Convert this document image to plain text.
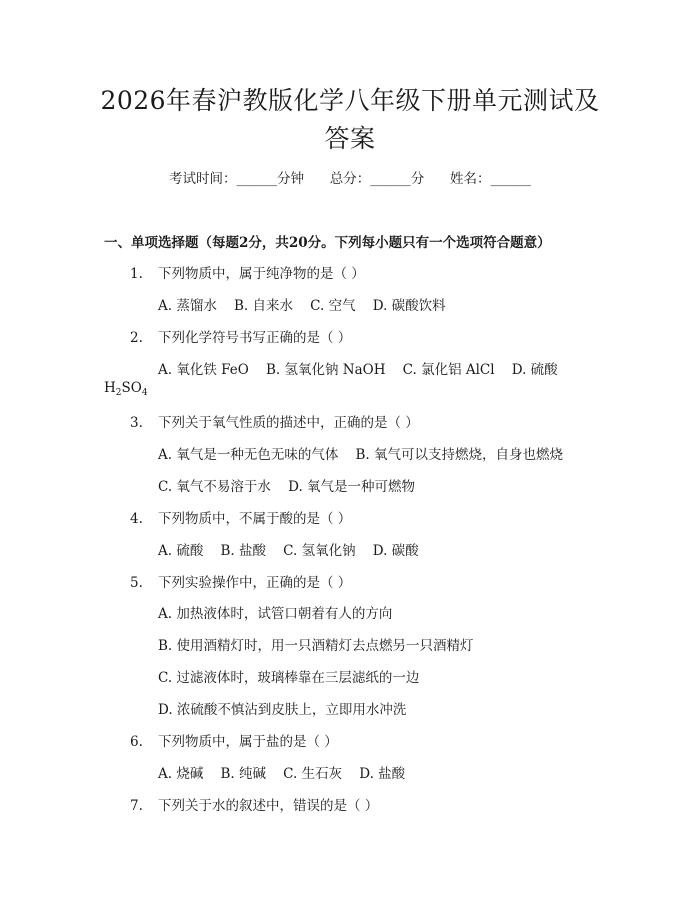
2026年春沪教版化学八年级下册单元测试及
答案
考试时间：______分钟      总分：______分      姓名：______
一、单项选择题（每题2分，共20分。下列每小题只有一个选项符合题意）
1. 下列物质中，属于纯净物的是（ ）
A. 蒸馏水    B. 自来水    C. 空气    D. 碳酸饮料
2. 下列化学符号书写正确的是（ ）
A. 氧化铁 FeO    B. 氢氧化钠 NaOH    C. 氯化铝 AlCl    D. 硫酸
$H_2SO_4$
3. 下列关于氧气性质的描述中，正确的是（ ）
A. 氧气是一种无色无味的气体    B. 氧气可以支持燃烧，自身也燃烧
C. 氧气不易溶于水    D. 氧气是一种可燃物
4. 下列物质中，不属于酸的是（ ）
A. 硫酸    B. 盐酸    C. 氢氧化钠    D. 碳酸
5. 下列实验操作中，正确的是（ ）
A. 加热液体时，试管口朝着有人的方向
B. 使用酒精灯时，用一只酒精灯去点燃另一只酒精灯
C. 过滤液体时，玻璃棒靠在三层滤纸的一边
D. 浓硫酸不慎沾到皮肤上，立即用水冲洗
6. 下列物质中，属于盐的是（ ）
A. 烧碱    B. 纯碱    C. 生石灰    D. 盐酸
7. 下列关于水的叙述中，错误的是（ ）
